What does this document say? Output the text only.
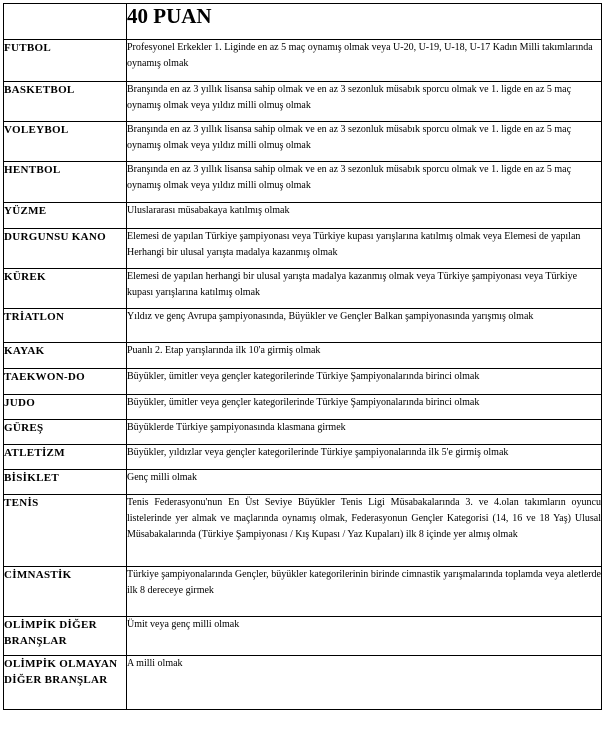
	40 PUAN
FUTBOL	Profesyonel Erkekler 1. Liginde en az 5 maç oynamış olmak veya U-20, U-19, U-18, U-17 Kadın Milli takımlarında oynamış olmak
BASKETBOL	Branşında en az 3 yıllık lisansa sahip olmak ve en az 3 sezonluk müsabık sporcu olmak ve 1. ligde en az 5 maç oynamış olmak veya yıldız milli olmuş olmak
VOLEYBOL	Branşında en az 3 yıllık lisansa sahip olmak ve en az 3 sezonluk müsabık sporcu olmak ve 1. ligde en az 5 maç oynamış olmak veya yıldız milli olmuş olmak
HENTBOL	Branşında en az 3 yıllık lisansa sahip olmak ve en az 3 sezonluk müsabık sporcu olmak ve 1. ligde en az 5 maç oynamış olmak veya yıldız milli olmuş olmak
YÜZME	Uluslararası müsabakaya katılmış olmak
DURGUNSU KANO	Elemesi de yapılan Türkiye şampiyonası veya Türkiye kupası yarışlarına katılmış olmak veya Elemesi de yapılan Herhangi bir ulusal yarışta madalya kazanmış olmak
KÜREK	Elemesi de yapılan herhangi bir ulusal yarışta madalya kazanmış olmak veya Türkiye şampiyonası veya Türkiye kupası yarışlarına katılmış olmak
TRİATLON	Yıldız ve genç Avrupa şampiyonasında, Büyükler ve Gençler Balkan şampiyonasında yarışmış olmak
KAYAK	Puanlı 2. Etap yarışlarında ilk 10'a girmiş olmak
TAEKWON-DO	Büyükler, ümitler veya gençler kategorilerinde Türkiye Şampiyonalarında birinci olmak
JUDO	Büyükler, ümitler veya gençler kategorilerinde Türkiye Şampiyonalarında birinci olmak
GÜREŞ	Büyüklerde Türkiye şampiyonasında klasmana girmek
ATLETİZM	Büyükler, yıldızlar veya gençler kategorilerinde Türkiye şampiyonalarında ilk 5'e girmiş olmak
BİSİKLET	Genç milli olmak
TENİS	Tenis Federasyonu'nun En Üst Seviye Büyükler Tenis Ligi Müsabakalarında 3. ve 4.olan takımların oyuncu listelerinde yer almak ve maçlarında oynamış olmak, Federasyonun Gençler Kategorisi (14, 16 ve 18 Yaş) Ulusal Müsabakalarında (Türkiye Şampiyonası / Kış Kupası / Yaz Kupaları) ilk 8 içinde yer almış olmak
CİMNASTİK	Türkiye şampiyonalarında Gençler, büyükler kategorilerinin birinde cimnastik yarışmalarında toplamda veya aletlerde ilk 8 dereceye girmek
OLİMPİK DİĞER BRANŞLAR	Ümit veya genç milli olmak
OLİMPİK OLMAYAN DİĞER BRANŞLAR	A milli olmak
